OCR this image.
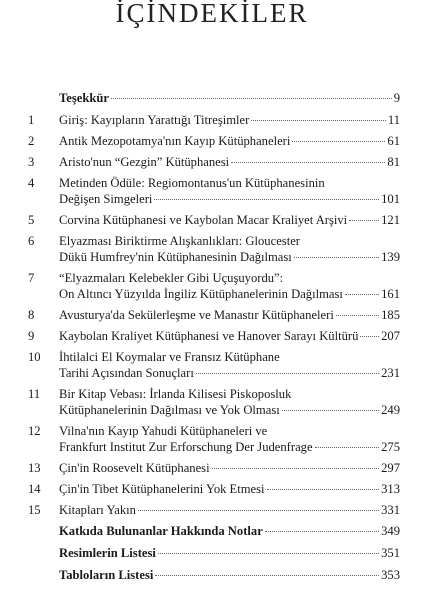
İÇİNDEKİLER
Teşekkür	9
1	Giriş: Kayıpların Yarattığı Titreşimler	11
2	Antik Mezopotamya'nın Kayıp Kütüphaneleri	61
3	Aristo'nun “Gezgin” Kütüphanesi	81
4	Metinden Ödüle: Regiomontanus'un Kütüphanesinin
Değişen Simgeleri	101
5	Corvina Kütüphanesi ve Kaybolan Macar Kraliyet Arşivi	121
6	Elyazması Biriktirme Alışkanlıkları: Gloucester
Dükü Humfrey'nin Kütüphanesinin Dağılması	139
7	“Elyazmaları Kelebekler Gibi Uçuşuyordu”:
On Altıncı Yüzyılda İngiliz Kütüphanelerinin Dağılması	161
8	Avusturya'da Sekülerleşme ve Manastır Kütüphaneleri	185
9	Kaybolan Kraliyet Kütüphanesi ve Hanover Sarayı Kültürü 207
10	İhtilalci El Koymalar ve Fransız Kütüphane
Tarihi Açısından Sonuçları	231
11	Bir Kitap Vebası: İrlanda Kilisesi Piskoposluk
Kütüphanelerinin Dağılması ve Yok Olması	249
12	Vilna'nın Kayıp Yahudi Kütüphaneleri ve
Frankfurt Institut Zur Erforschung Der Judenfrage	275
13	Çin'in Roosevelt Kütüphanesi	297
14	Çin'in Tibet Kütüphanelerini Yok Etmesi	313
15	Kitapları Yakın	331
Katkıda Bulunanlar Hakkında Notlar	349
Resimlerin Listesi	351
Tabloların Listesi	353
